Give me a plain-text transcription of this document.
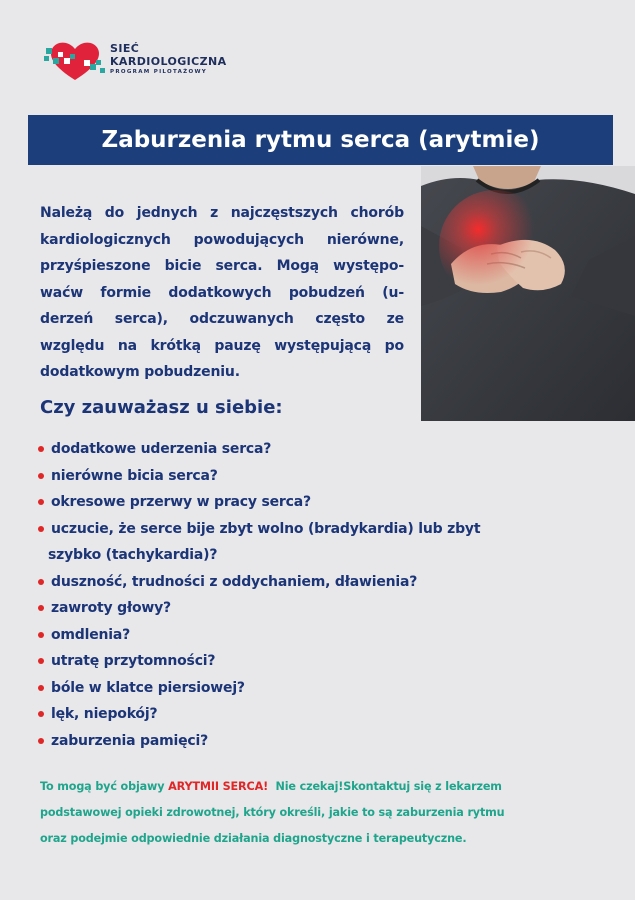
SIEĆ
KARDIOLOGICZNA
PROGRAM PILOTAŻOWY
Zaburzenia rytmu serca (arytmie)
Należą do jednych z najczęstszych chorób
kardiologicznych powodujących nierówne,
przyśpieszone bicie serca. Mogą występo-
waćw formie dodatkowych pobudzeń (u-
derzeń serca), odczuwanych często ze
względu na krótką pauzę występującą po
dodatkowym pobudzeniu.
Czy zauważasz u siebie:
dodatkowe uderzenia serca?
nierówne bicia serca?
okresowe przerwy w pracy serca?
uczucie, że serce bije zbyt wolno (bradykardia) lub zbyt
szybko (tachykardia)?
duszność, trudności z oddychaniem, dławienia?
zawroty głowy?
omdlenia?
utratę przytomności?
bóle w klatce piersiowej?
lęk, niepokój?
zaburzenia pamięci?
To mogą być objawy ARYTMII SERCA!  Nie czekaj!Skontaktuj się z lekarzem
podstawowej opieki zdrowotnej, który określi, jakie to są zaburzenia rytmu
oraz podejmie odpowiednie działania diagnostyczne i terapeutyczne.
